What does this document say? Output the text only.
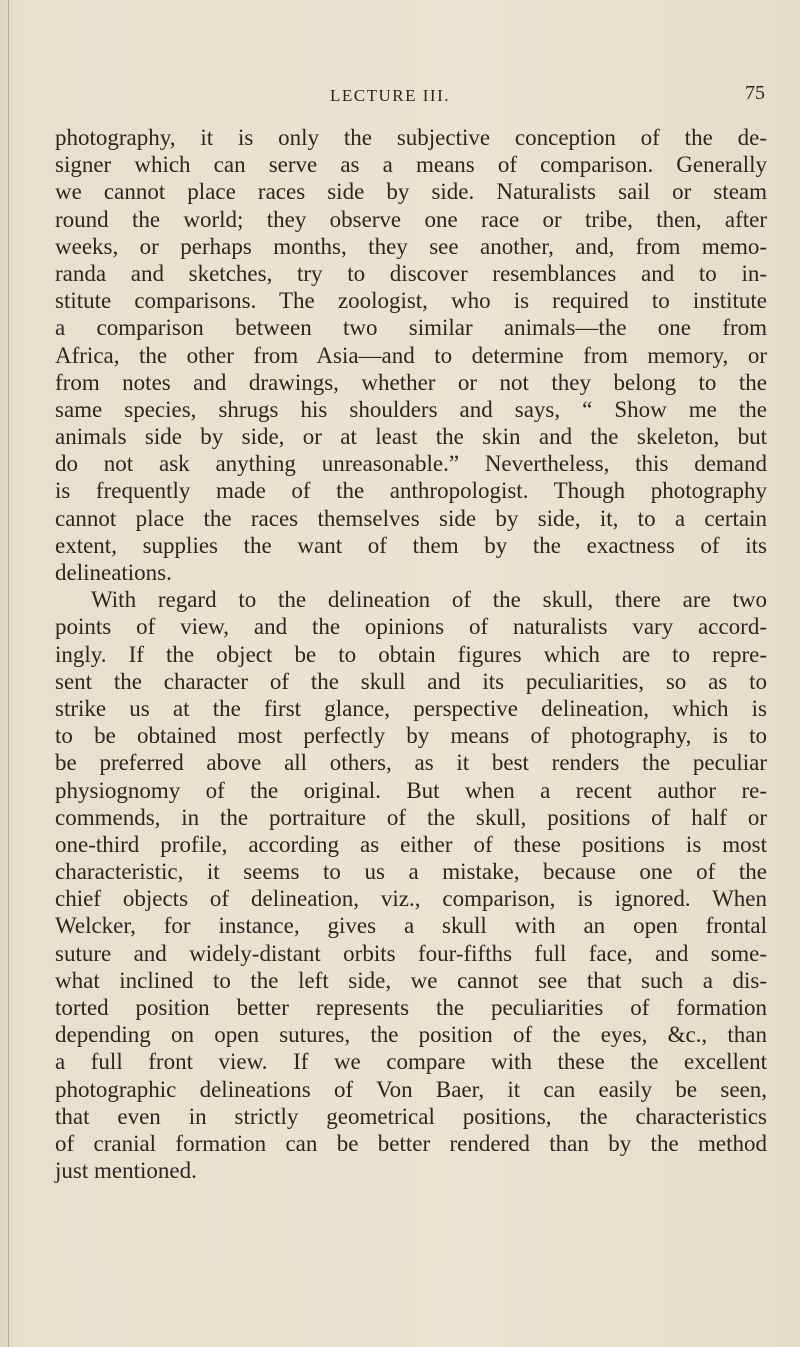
LECTURE III.	75
photography, it is only the subjective conception of the de-
signer which can serve as a means of comparison. Generally
we cannot place races side by side. Naturalists sail or steam
round the world; they observe one race or tribe, then, after
weeks, or perhaps months, they see another, and, from memo-
randa and sketches, try to discover resemblances and to in-
stitute comparisons. The zoologist, who is required to institute
a comparison between two similar animals—the one from
Africa, the other from Asia—and to determine from memory, or
from notes and drawings, whether or not they belong to the
same species, shrugs his shoulders and says, “ Show me the
animals side by side, or at least the skin and the skeleton, but
do not ask anything unreasonable.” Nevertheless, this demand
is frequently made of the anthropologist. Though photography
cannot place the races themselves side by side, it, to a certain
extent, supplies the want of them by the exactness of its
delineations.
With regard to the delineation of the skull, there are two
points of view, and the opinions of naturalists vary accord-
ingly. If the object be to obtain figures which are to repre-
sent the character of the skull and its peculiarities, so as to
strike us at the first glance, perspective delineation, which is
to be obtained most perfectly by means of photography, is to
be preferred above all others, as it best renders the peculiar
physiognomy of the original. But when a recent author re-
commends, in the portraiture of the skull, positions of half or
one-third profile, according as either of these positions is most
characteristic, it seems to us a mistake, because one of the
chief objects of delineation, viz., comparison, is ignored. When
Welcker, for instance, gives a skull with an open frontal
suture and widely-distant orbits four-fifths full face, and some-
what inclined to the left side, we cannot see that such a dis-
torted position better represents the peculiarities of formation
depending on open sutures, the position of the eyes, &c., than
a full front view. If we compare with these the excellent
photographic delineations of Von Baer, it can easily be seen,
that even in strictly geometrical positions, the characteristics
of cranial formation can be better rendered than by the method
just mentioned.
